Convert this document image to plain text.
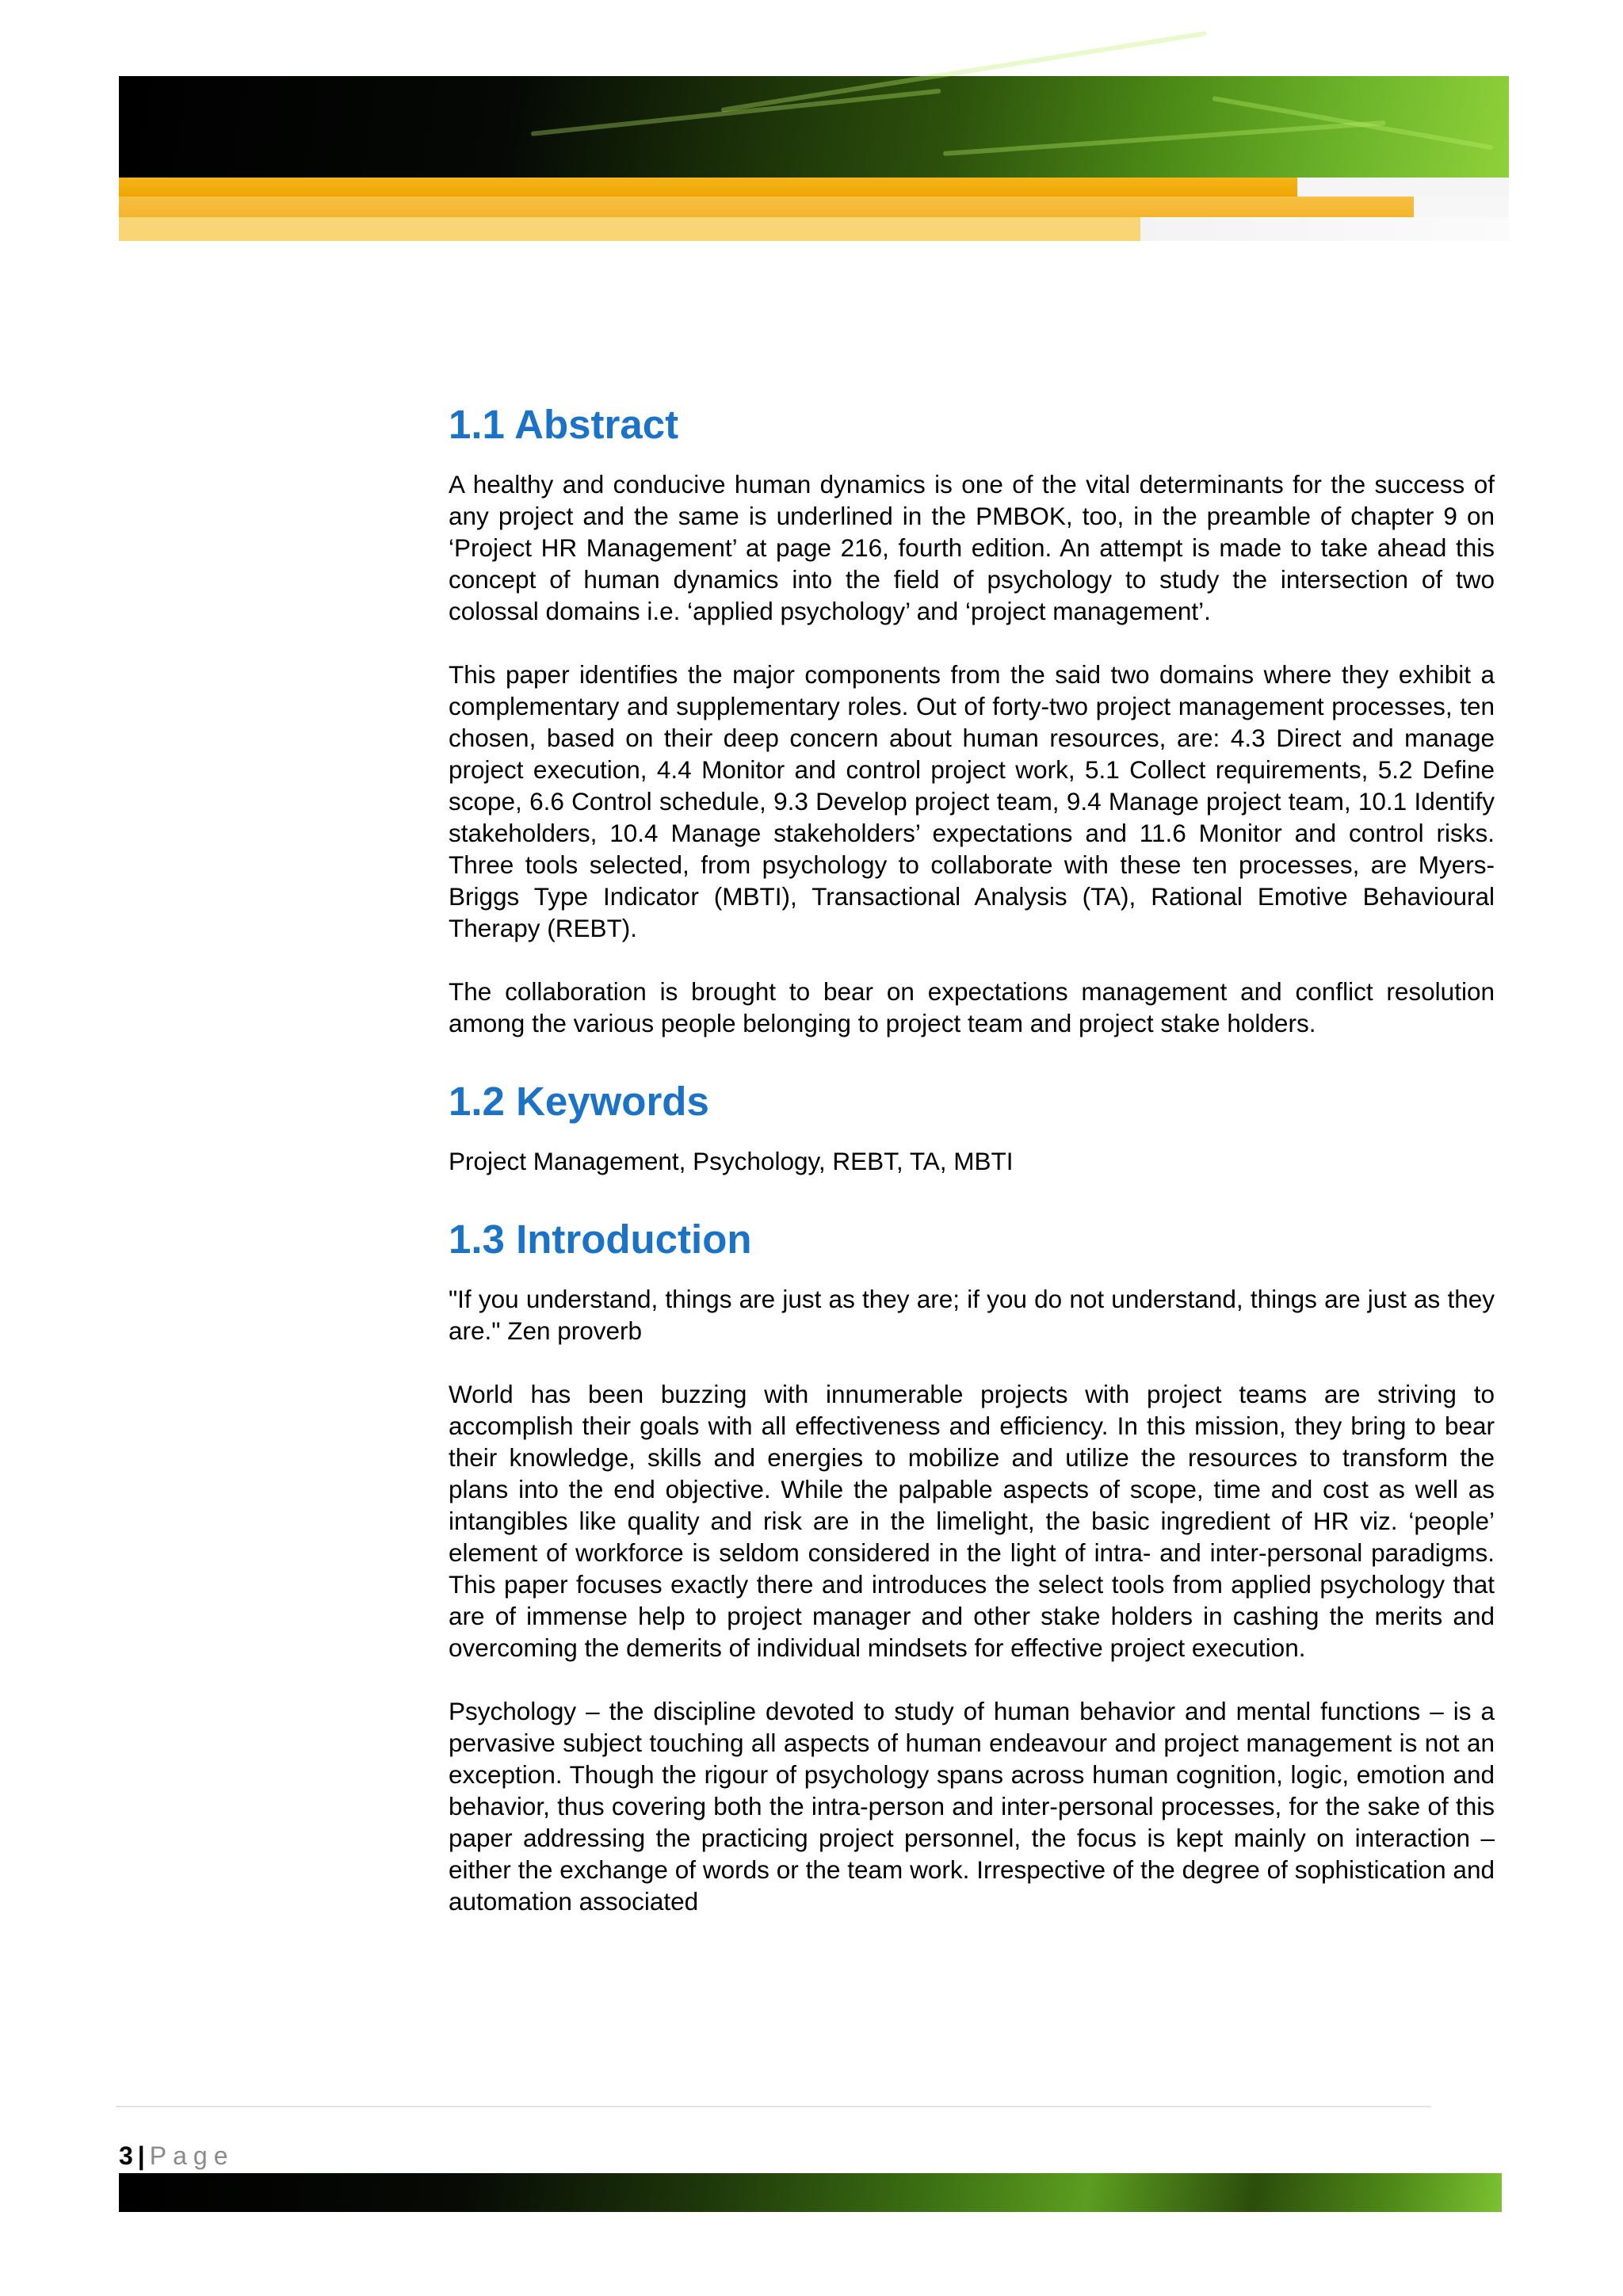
1.1 Abstract

A healthy and conducive human dynamics is one of the vital determinants for the success of any project and the same is underlined in the PMBOK, too, in the preamble of chapter 9 on ‘Project HR Management’ at page 216, fourth edition. An attempt is made to take ahead this concept of human dynamics into the field of psychology to study the intersection of two colossal domains i.e. ‘applied psychology’ and ‘project management’.

This paper identifies the major components from the said two domains where they exhibit a complementary and supplementary roles. Out of forty-two project management processes, ten chosen, based on their deep concern about human resources, are: 4.3 Direct and manage project execution, 4.4 Monitor and control project work, 5.1 Collect requirements, 5.2 Define scope, 6.6 Control schedule, 9.3 Develop project team, 9.4 Manage project team, 10.1 Identify stakeholders, 10.4 Manage stakeholders’ expectations and 11.6 Monitor and control risks. Three tools selected, from psychology to collaborate with these ten processes, are Myers-Briggs Type Indicator (MBTI), Transactional Analysis (TA), Rational Emotive Behavioural Therapy (REBT).

The collaboration is brought to bear on expectations management and conflict resolution among the various people belonging to project team and project stake holders.

1.2 Keywords

Project Management, Psychology, REBT, TA, MBTI

1.3 Introduction

"If you understand, things are just as they are; if you do not understand, things are just as they are." Zen proverb

World has been buzzing with innumerable projects with project teams are striving to accomplish their goals with all effectiveness and efficiency. In this mission, they bring to bear their knowledge, skills and energies to mobilize and utilize the resources to transform the plans into the end objective. While the palpable aspects of scope, time and cost as well as intangibles like quality and risk are in the limelight, the basic ingredient of HR viz. ‘people’ element of workforce is seldom considered in the light of intra- and inter-personal paradigms. This paper focuses exactly there and introduces the select tools from applied psychology that are of immense help to project manager and other stake holders in cashing the merits and overcoming the demerits of individual mindsets for effective project execution.

Psychology – the discipline devoted to study of human behavior and mental functions – is a pervasive subject touching all aspects of human endeavour and project management is not an exception. Though the rigour of psychology spans across human cognition, logic, emotion and behavior, thus covering both the intra-person and inter-personal processes, for the sake of this paper addressing the practicing project personnel, the focus is kept mainly on interaction – either the exchange of words or the team work. Irrespective of the degree of sophistication and automation associated

3 | Page
